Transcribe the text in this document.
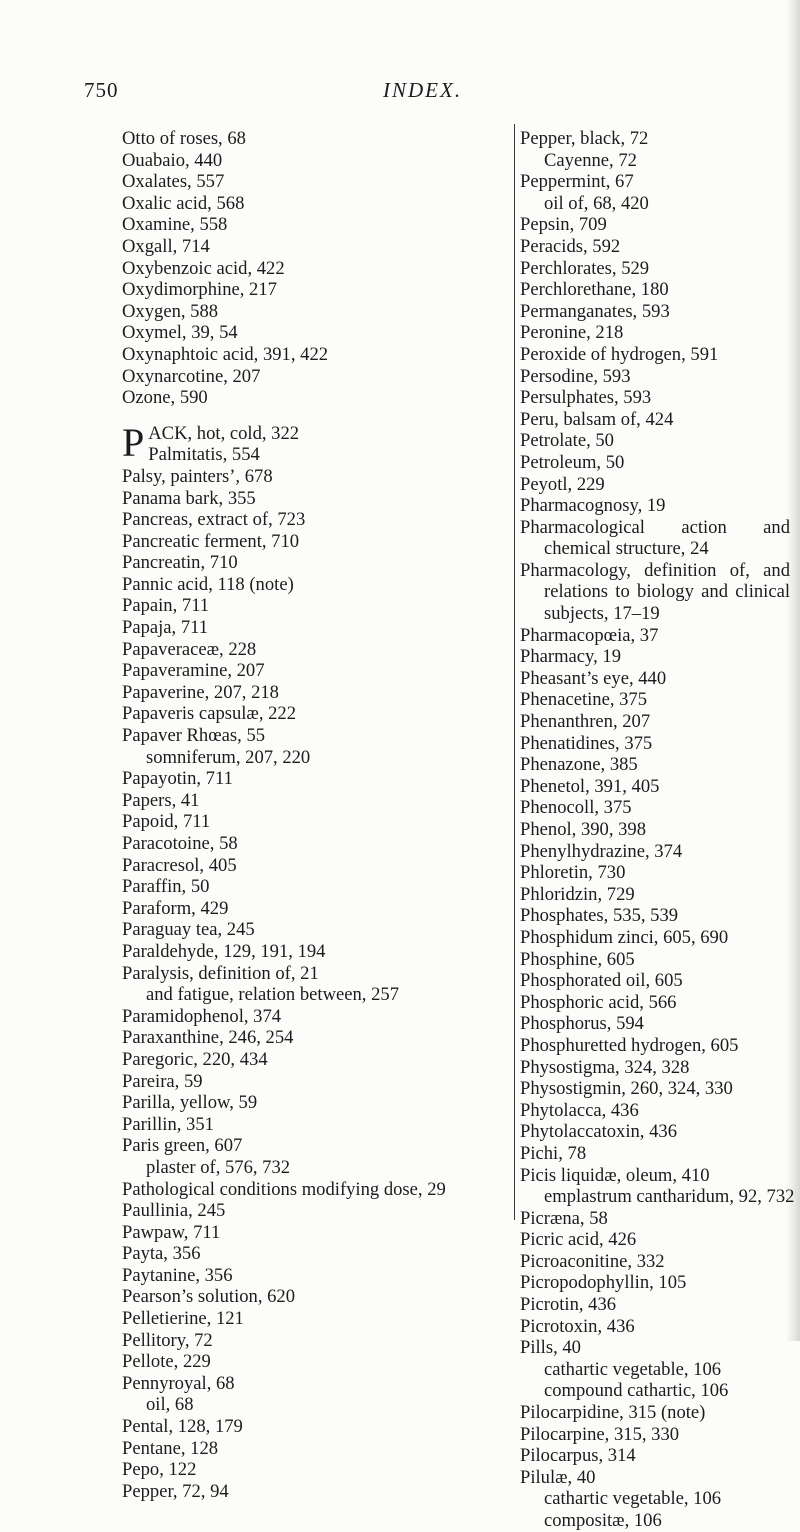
750	INDEX.
Otto of roses, 68
Ouabaio, 440
Oxalates, 557
Oxalic acid, 568
Oxamine, 558
Oxgall, 714
Oxybenzoic acid, 422
Oxydimorphine, 217
Oxygen, 588
Oxymel, 39, 54
Oxynaphtoic acid, 391, 422
Oxynarcotine, 207
Ozone, 590
PACK, hot, cold, 322
Palmitatis, 554
Palsy, painters’, 678
Panama bark, 355
Pancreas, extract of, 723
Pancreatic ferment, 710
Pancreatin, 710
Pannic acid, 118 (note)
Papain, 711
Papaja, 711
Papaveraceæ, 228
Papaveramine, 207
Papaverine, 207, 218
Papaveris capsulæ, 222
Papaver Rhœas, 55
somniferum, 207, 220
Papayotin, 711
Papers, 41
Papoid, 711
Paracotoine, 58
Paracresol, 405
Paraffin, 50
Paraform, 429
Paraguay tea, 245
Paraldehyde, 129, 191, 194
Paralysis, definition of, 21
and fatigue, relation between, 257
Paramidophenol, 374
Paraxanthine, 246, 254
Paregoric, 220, 434
Pareira, 59
Parilla, yellow, 59
Parillin, 351
Paris green, 607
plaster of, 576, 732
Pathological conditions modifying dose, 29
Paullinia, 245
Pawpaw, 711
Payta, 356
Paytanine, 356
Pearson’s solution, 620
Pelletierine, 121
Pellitory, 72
Pellote, 229
Pennyroyal, 68
oil, 68
Pental, 128, 179
Pentane, 128
Pepo, 122
Pepper, 72, 94
Pepper, black, 72
Cayenne, 72
Peppermint, 67
oil of, 68, 420
Pepsin, 709
Peracids, 592
Perchlorates, 529
Perchlorethane, 180
Permanganates, 593
Peronine, 218
Peroxide of hydrogen, 591
Persodine, 593
Persulphates, 593
Peru, balsam of, 424
Petrolate, 50
Petroleum, 50
Peyotl, 229
Pharmacognosy, 19
Pharmacological action and chemical structure, 24
Pharmacology, definition of, and relations to biology and clinical subjects, 17–19
Pharmacopœia, 37
Pharmacy, 19
Pheasant’s eye, 440
Phenacetine, 375
Phenanthren, 207
Phenatidines, 375
Phenazone, 385
Phenetol, 391, 405
Phenocoll, 375
Phenol, 390, 398
Phenylhydrazine, 374
Phloretin, 730
Phloridzin, 729
Phosphates, 535, 539
Phosphidum zinci, 605, 690
Phosphine, 605
Phosphorated oil, 605
Phosphoric acid, 566
Phosphorus, 594
Phosphuretted hydrogen, 605
Physostigma, 324, 328
Physostigmin, 260, 324, 330
Phytolacca, 436
Phytolaccatoxin, 436
Pichi, 78
Picis liquidæ, oleum, 410
emplastrum cantharidum, 92, 732
Picræna, 58
Picric acid, 426
Picroaconitine, 332
Picropodophyllin, 105
Picrotin, 436
Picrotoxin, 436
Pills, 40
cathartic vegetable, 106
compound cathartic, 106
Pilocarpidine, 315 (note)
Pilocarpine, 315, 330
Pilocarpus, 314
Pilulæ, 40
cathartic vegetable, 106
compositæ, 106
